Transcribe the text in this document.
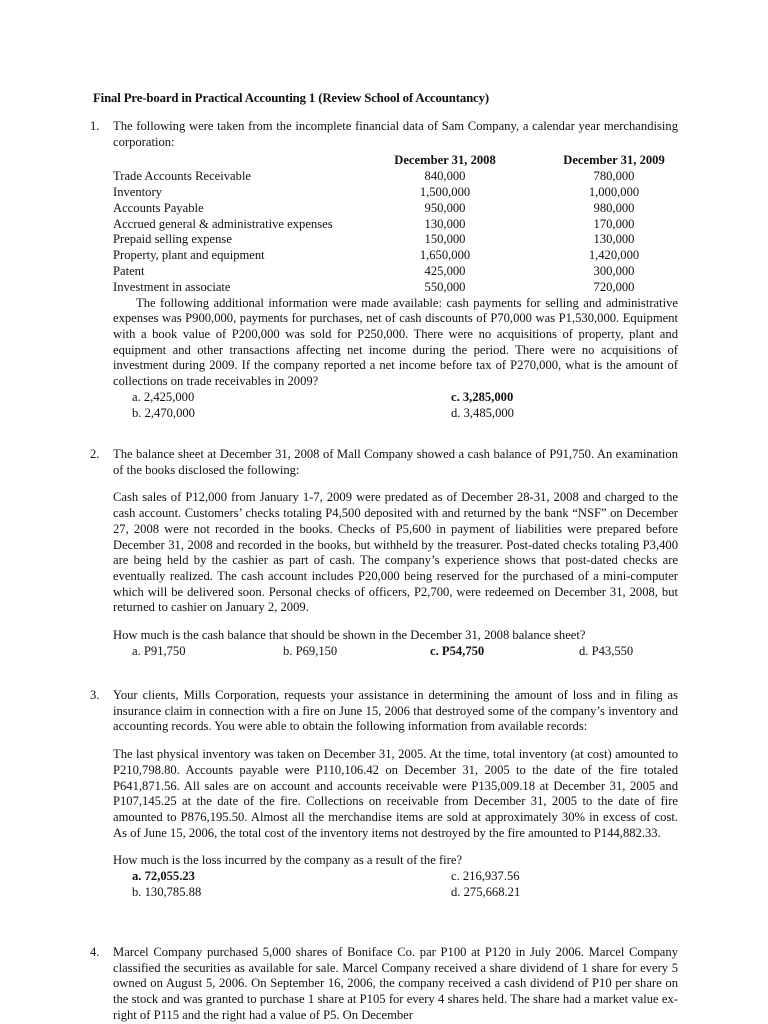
Final Pre-board in Practical Accounting 1 (Review School of Accountancy)
1. The following were taken from the incomplete financial data of Sam Company, a calendar year merchandising corporation:

December 31, 2008	December 31, 2009
Trade Accounts Receivable	840,000	780,000
Inventory	1,500,000	1,000,000
Accounts Payable	950,000	980,000
Accrued general & administrative expenses	130,000	170,000
Prepaid selling expense	150,000	130,000
Property, plant and equipment	1,650,000	1,420,000
Patent	425,000	300,000
Investment in associate	550,000	720,000

The following additional information were made available: cash payments for selling and administrative expenses was P900,000, payments for purchases, net of cash discounts of P70,000 was P1,530,000. Equipment with a book value of P200,000 was sold for P250,000. There were no acquisitions of property, plant and equipment and other transactions affecting net income during the period. There were no acquisitions of investment during 2009. If the company reported a net income before tax of P270,000, what is the amount of collections on trade receivables in 2009?

a. 2,425,000	c. 3,285,000
b. 2,470,000	d. 3,485,000
2. The balance sheet at December 31, 2008 of Mall Company showed a cash balance of P91,750. An examination of the books disclosed the following:

Cash sales of P12,000 from January 1-7, 2009 were predated as of December 28-31, 2008 and charged to the cash account. Customers’ checks totaling P4,500 deposited with and returned by the bank “NSF” on December 27, 2008 were not recorded in the books. Checks of P5,600 in payment of liabilities were prepared before December 31, 2008 and recorded in the books, but withheld by the treasurer. Post-dated checks totaling P3,400 are being held by the cashier as part of cash. The company’s experience shows that post-dated checks are eventually realized. The cash account includes P20,000 being reserved for the purchased of a mini-computer which will be delivered soon. Personal checks of officers, P2,700, were redeemed on December 31, 2008, but returned to cashier on January 2, 2009.

How much is the cash balance that should be shown in the December 31, 2008 balance sheet?

a. P91,750	b. P69,150	c. P54,750	d. P43,550
3. Your clients, Mills Corporation, requests your assistance in determining the amount of loss and in filing as insurance claim in connection with a fire on June 15, 2006 that destroyed some of the company’s inventory and accounting records. You were able to obtain the following information from available records:

The last physical inventory was taken on December 31, 2005. At the time, total inventory (at cost) amounted to P210,798.80. Accounts payable were P110,106.42 on December 31, 2005 to the date of the fire totaled P641,871.56. All sales are on account and accounts receivable were P135,009.18 at December 31, 2005 and P107,145.25 at the date of the fire. Collections on receivable from December 31, 2005 to the date of fire amounted to P876,195.50. Almost all the merchandise items are sold at approximately 30% in excess of cost. As of June 15, 2006, the total cost of the inventory items not destroyed by the fire amounted to P144,882.33.

How much is the loss incurred by the company as a result of the fire?

a. 72,055.23	c. 216,937.56
b. 130,785.88	d. 275,668.21
4. Marcel Company purchased 5,000 shares of Boniface Co. par P100 at P120 in July 2006. Marcel Company classified the securities as available for sale. Marcel Company received a share dividend of 1 share for every 5 owned on August 5, 2006. On September 16, 2006, the company received a cash dividend of P10 per share on the stock and was granted to purchase 1 share at P105 for every 4 shares held. The share had a market value ex-right of P115 and the right had a value of P5. On December
